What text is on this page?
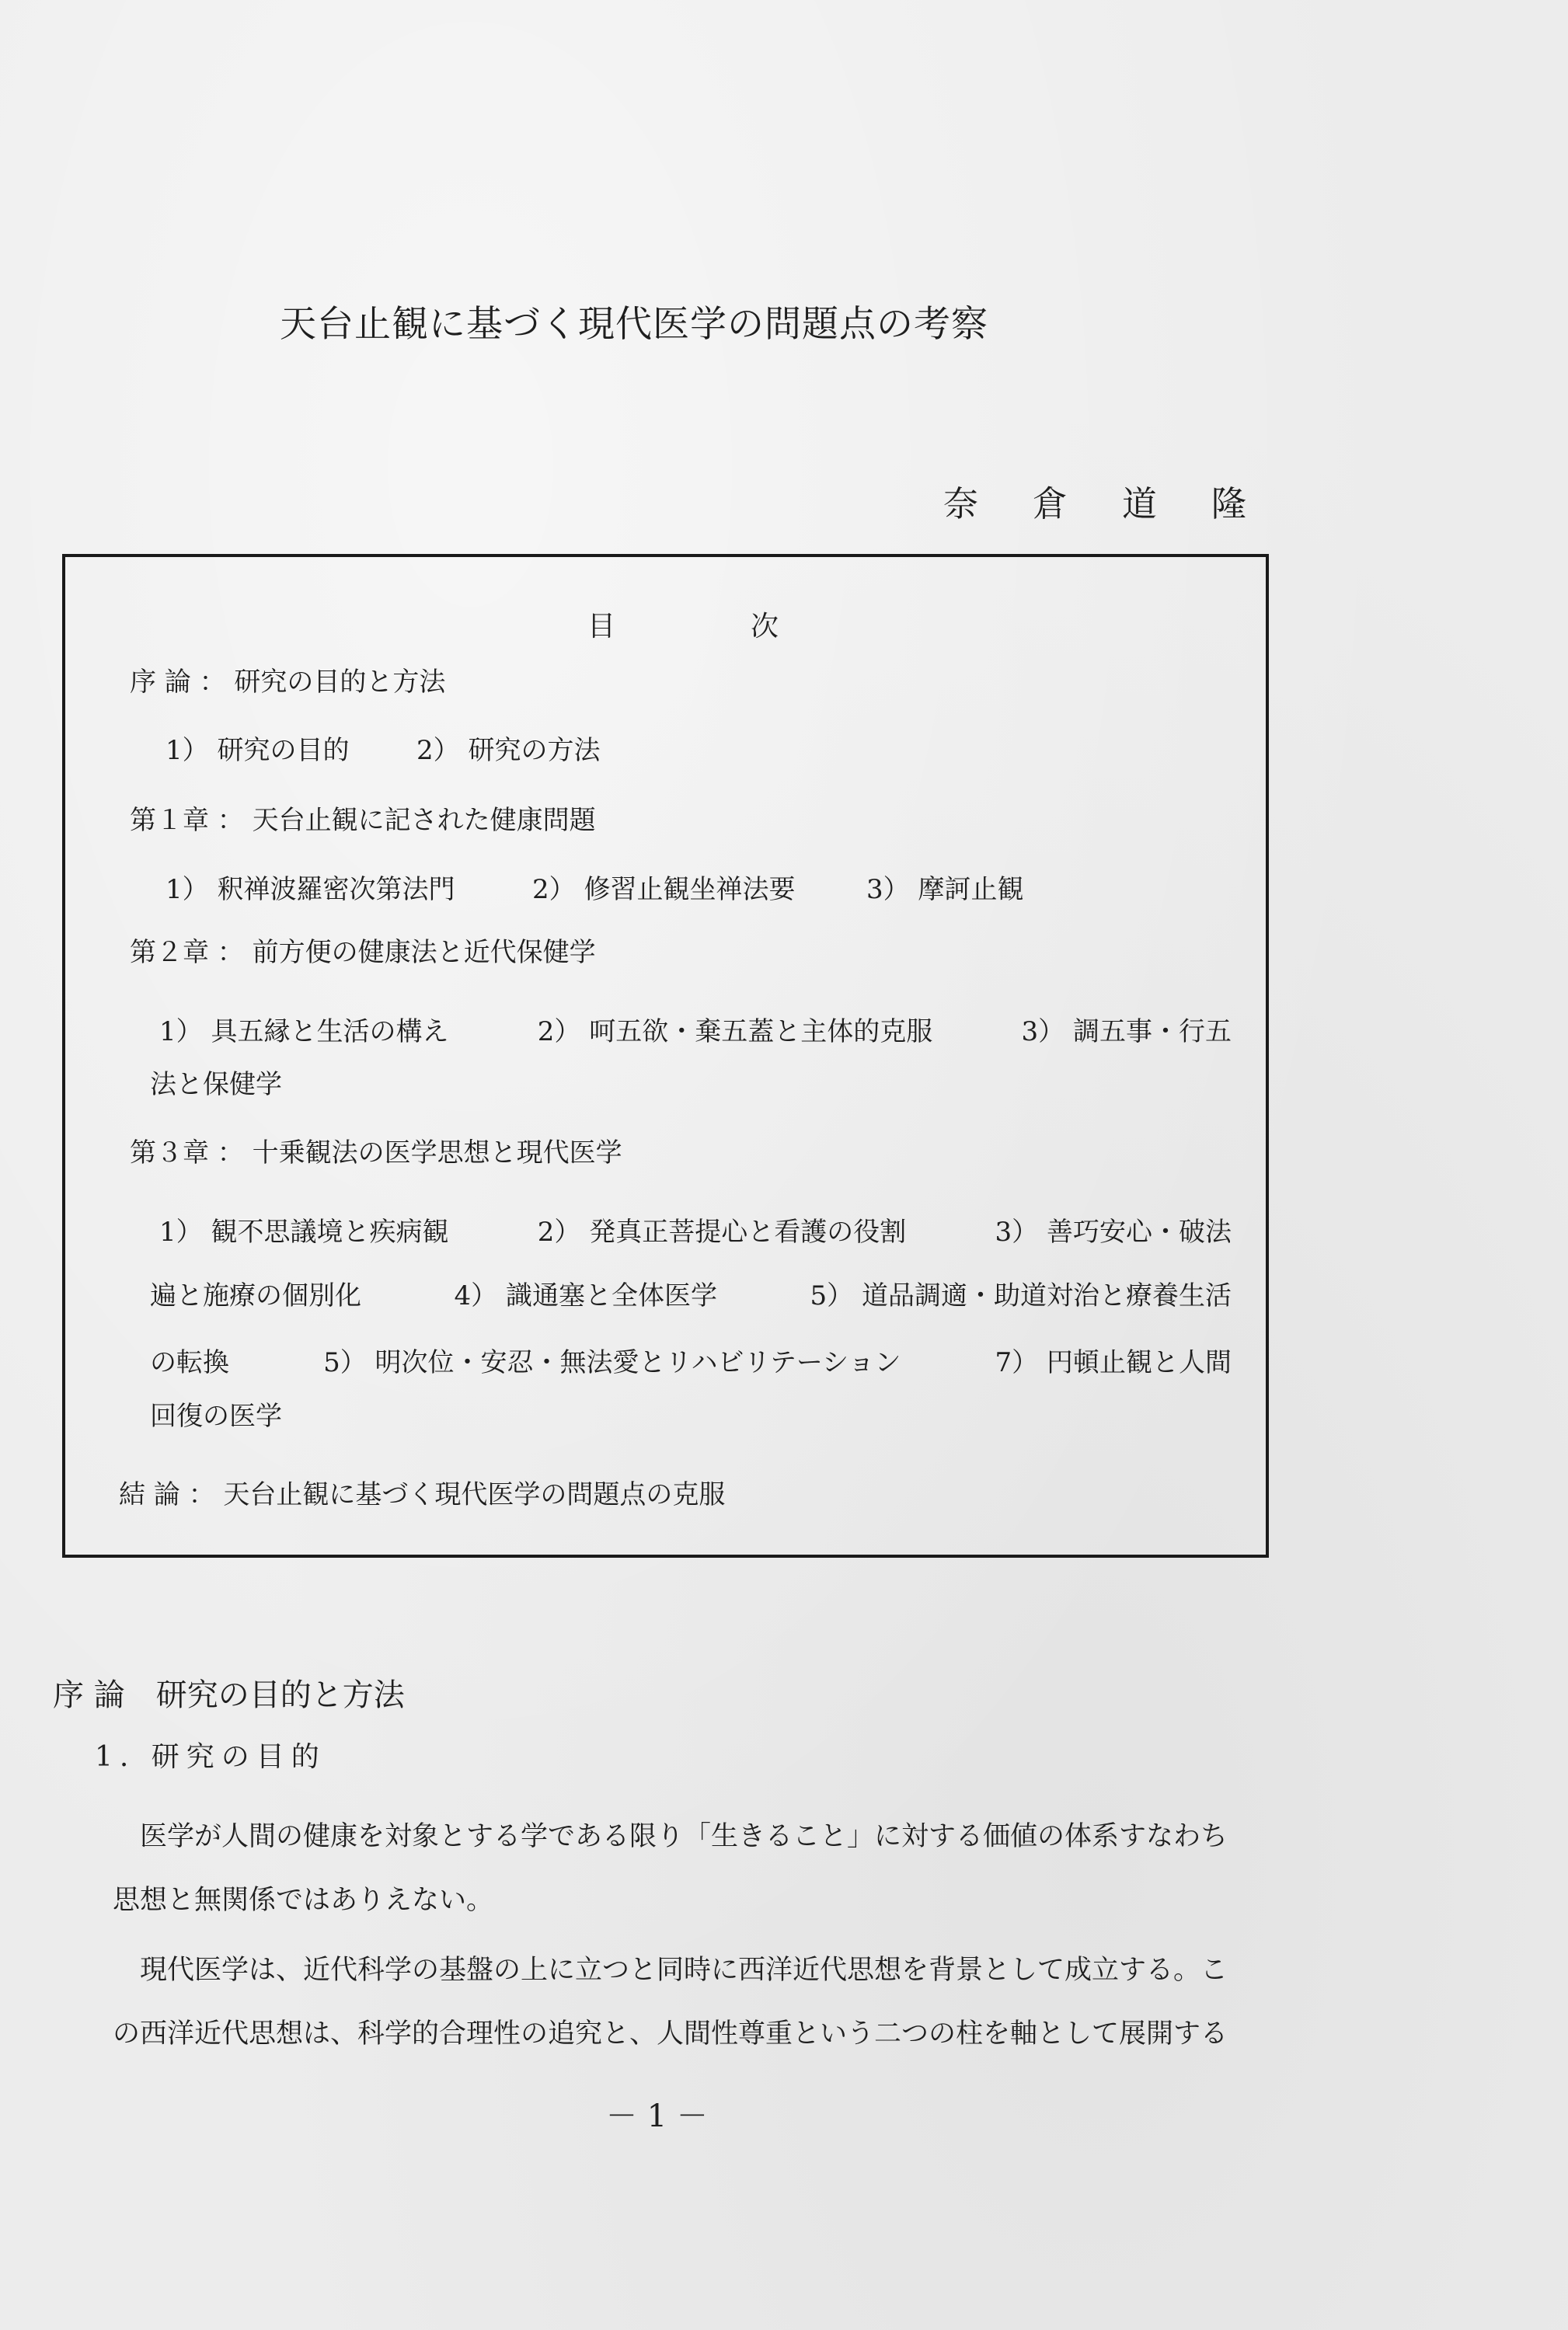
天台止観に基づく現代医学の問題点の考察
奈 倉 道 隆
目	次
序 論 ： 研究の目的と方法
1） 研究の目的	2） 研究の方法
第１章 ： 天台止観に記された健康問題
1） 釈禅波羅密次第法門	2） 修習止観坐禅法要	3） 摩訶止観
第２章 ： 前方便の健康法と近代保健学
1） 具五縁と生活の構え	2） 呵五欲・棄五蓋と主体的克服	3） 調五事・行五
法と保健学
第３章 ： 十乗観法の医学思想と現代医学
1） 観不思議境と疾病観	2） 発真正菩提心と看護の役割	3） 善巧安心・破法
遍と施療の個別化	4） 識通塞と全体医学	5） 道品調適・助道対治と療養生活
の転換	5） 明次位・安忍・無法愛とリハビリテーション	7） 円頓止観と人間
回復の医学
結 論 ： 天台止観に基づく現代医学の問題点の克服
序 論　研究の目的と方法
1. 研究の目的
医学が人間の健康を対象とする学である限り「生きること」に対する価値の体系すなわち
思想と無関係ではありえない。
現代医学は、近代科学の基盤の上に立つと同時に西洋近代思想を背景として成立する。こ
の西洋近代思想は、科学的合理性の追究と、人間性尊重という二つの柱を軸として展開する
－ 1 －
